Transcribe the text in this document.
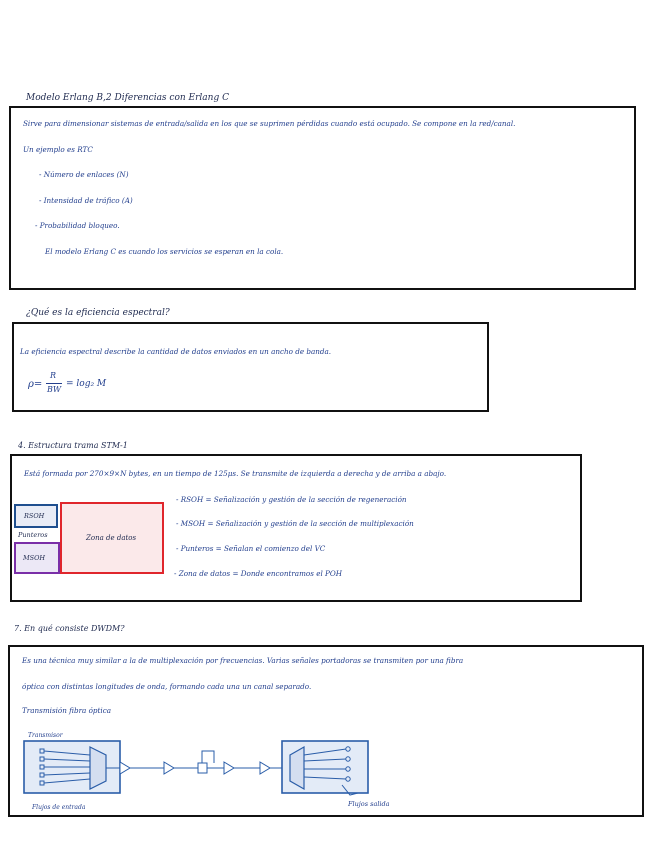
Modelo Erlang B,2 Diferencias con Erlang C
Sirve para dimensionar sistemas de entrada/salida en los que se suprimen pérdidas cuando está ocupado. Se compone en la red/canal.
Un ejemplo es RTC
- Número de enlaces (N)
- Intensidad de tráfico (A)
- Probabilidad bloqueo.
El modelo Erlang C es cuando los servicios se esperan en la cola.
¿Qué es la eficiencia espectral?
La eficiencia espectral describe la cantidad de datos enviados en un ancho de banda.
ρ=
R
BW
= log₂ M
4. Estructura trama STM-1
Está formada por 270×9×N bytes, en un tiempo de 125μs. Se transmite de izquierda a derecha y de arriba a abajo.
RSOH
Punteros
MSOH
Zona de datos
- RSOH = Señalización y gestión de la sección de regeneración
- MSOH = Señalización y gestión de la sección de multiplexación
- Punteros = Señalan el comienzo del VC
- Zona de datos = Donde encontramos el POH
7. En qué consiste DWDM?
Es una técnica muy similar a la de multiplexación por frecuencias. Varias señales portadoras se transmiten por una fibra
óptica con distintas longitudes de onda, formando cada una un canal separado.
Transmisión fibra óptica
Transmisor
Flujos de entrada	Flujos salida
